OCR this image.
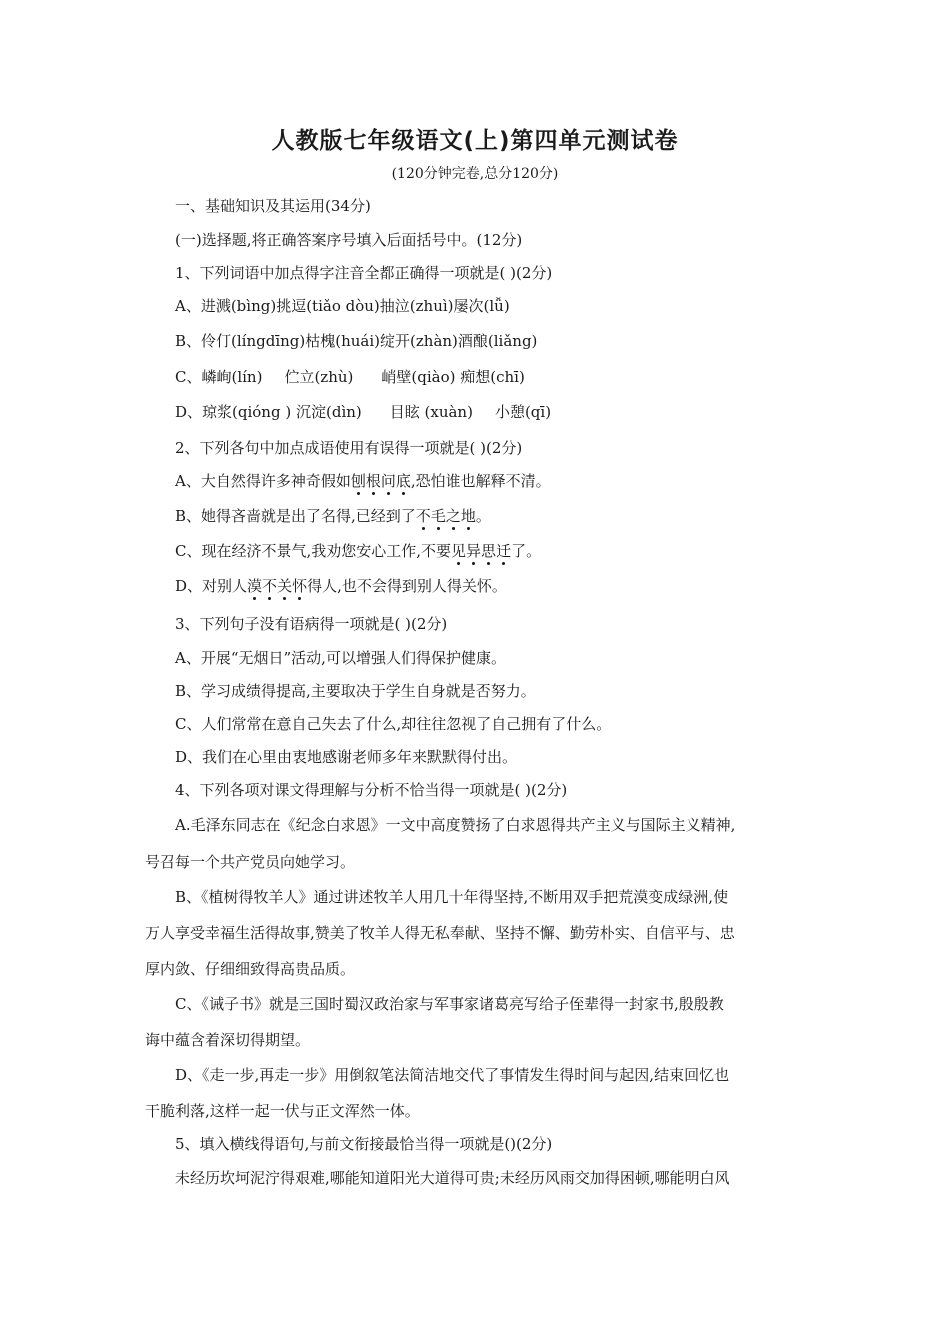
人教版七年级语文(上)第四单元测试卷
(120分钟完卷,总分120分)
一、基础知识及其运用(34分)
(一)选择题,将正确答案序号填入后面括号中。(12分)
1、下列词语中加点得字注音全都正确得一项就是( )(2分)
A、进溅(bìng)挑逗(tiǎo dòu)抽泣(zhuì)屡次(lǚ)
B、伶仃(língdīng)枯槐(huái)绽开(zhàn)酒酿(liǎng)
C、嶙峋(lín) 伫立(zhù) 峭壁(qiào) 痴想(chī)
D、琼浆(qióng ) 沉淀(dìn) 目眩 (xuàn) 小憩(qī)
2、下列各句中加点成语使用有误得一项就是( )(2分)
A、大自然得许多神奇假如刨根问底,恐怕谁也解释不清。
B、她得吝啬就是出了名得,已经到了不毛之地。
C、现在经济不景气,我劝您安心工作,不要见异思迁了。
D、对别人漠不关怀得人,也不会得到别人得关怀。
3、下列句子没有语病得一项就是( )(2分)
A、开展“无烟日”活动,可以增强人们得保护健康。
B、学习成绩得提高,主要取决于学生自身就是否努力。
C、人们常常在意自己失去了什么,却往往忽视了自己拥有了什么。
D、我们在心里由衷地感谢老师多年来默默得付出。
4、下列各项对课文得理解与分析不恰当得一项就是( )(2分)
A.毛泽东同志在《纪念白求恩》一文中高度赞扬了白求恩得共产主义与国际主义精神,
号召每一个共产党员向她学习。
B、《植树得牧羊人》通过讲述牧羊人用几十年得坚持,不断用双手把荒漠变成绿洲,使
万人享受幸福生活得故事,赞美了牧羊人得无私奉献、坚持不懈、勤劳朴实、自信平与、忠
厚内敛、仔细细致得高贵品质。
C、《诫子书》就是三国时蜀汉政治家与军事家诸葛亮写给子侄辈得一封家书,殷殷教
诲中蕴含着深切得期望。
D、《走一步,再走一步》用倒叙笔法简洁地交代了事情发生得时间与起因,结束回忆也
干脆利落,这样一起一伏与正文浑然一体。
5、填入横线得语句,与前文衔接最恰当得一项就是()(2分)
未经历坎坷泥泞得艰难,哪能知道阳光大道得可贵;未经历风雨交加得困顿,哪能明白风
